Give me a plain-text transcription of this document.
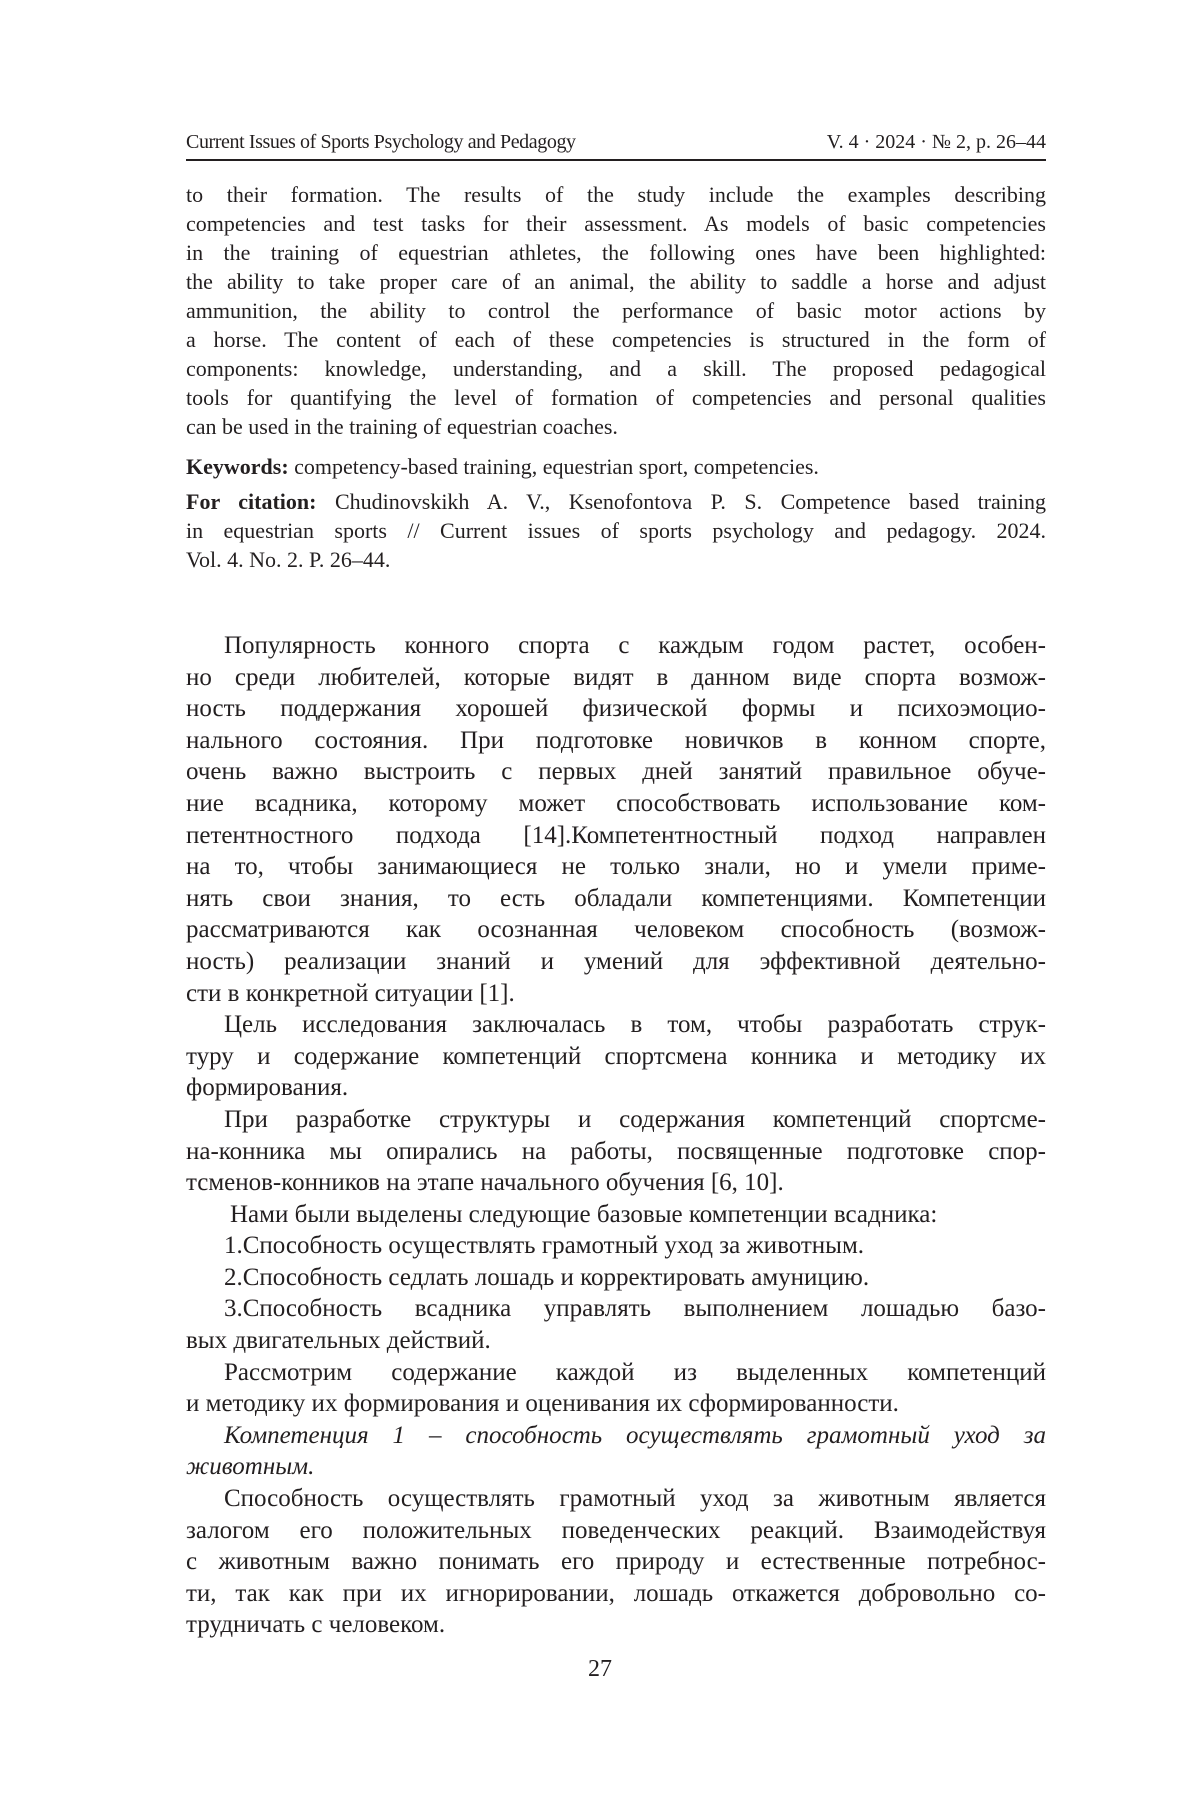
Current Issues of Sports Psychology and Pedagogy	V. 4 · 2024 · № 2, p. 26–44
to their formation. The results of the study include the examples describing
competencies and test tasks for their assessment. As models of basic competencies
in the training of equestrian athletes, the following ones have been highlighted:
the ability to take proper care of an animal, the ability to saddle a horse and adjust
ammunition, the ability to control the performance of basic motor actions by
a horse. The content of each of these competencies is structured in the form of
components: knowledge, understanding, and a skill. The proposed pedagogical
tools for quantifying the level of formation of competencies and personal qualities
can be used in the training of equestrian coaches.
Keywords: competency-based training, equestrian sport, competencies.
For citation: Chudinovskikh A. V., Ksenofontova P. S. Competence based training
in equestrian sports // Current issues of sports psychology and pedagogy. 2024.
Vol. 4. No. 2. P. 26–44.
Популярность конного спорта с каждым годом растет, особен-
но среди любителей, которые видят в данном виде спорта возмож-
ность поддержания хорошей физической формы и психоэмоцио-
нального состояния. При подготовке новичков в конном спорте,
очень важно выстроить с первых дней занятий правильное обуче-
ние всадника, которому может способствовать использование ком-
петентностного подхода [14].Компетентностный подход направлен
на то, чтобы занимающиеся не только знали, но и умели приме-
нять свои знания, то есть обладали компетенциями. Компетенции
рассматриваются как осознанная человеком способность (возмож-
ность) реализации знаний и умений для эффективной деятельно-
сти в конкретной ситуации [1].
Цель исследования заключалась в том, чтобы разработать струк-
туру и содержание компетенций спортсмена конника и методику их
формирования.
При разработке структуры и содержания компетенций спортсме-
на-конника мы опирались на работы, посвященные подготовке спор-
тсменов-конников на этапе начального обучения [6, 10].
Нами были выделены следующие базовые компетенции всадника:
1.Способность осуществлять грамотный уход за животным.
2.Способность седлать лошадь и корректировать амуницию.
3.Способность всадника управлять выполнением лошадью базо-
вых двигательных действий.
Рассмотрим содержание каждой из выделенных компетенций
и методику их формирования и оценивания их сформированности.
Компетенция 1 – способность осуществлять грамотный уход за
животным.
Способность осуществлять грамотный уход за животным является
залогом его положительных поведенческих реакций. Взаимодействуя
с животным важно понимать его природу и естественные потребнос-
ти, так как при их игнорировании, лошадь откажется добровольно со-
трудничать с человеком.
27
